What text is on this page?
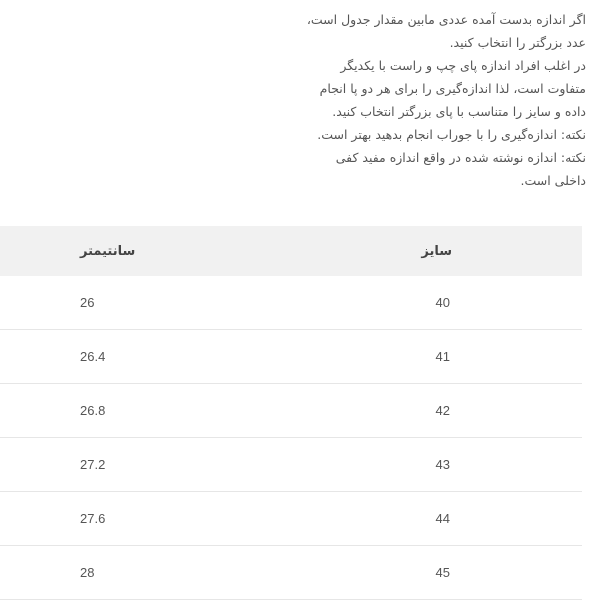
اگر اندازه بدست آمده عددی مابین مقدار جدول است،
عدد بزرگتر را انتخاب کنید.
در اغلب افراد اندازه پای چپ و راست با یکدیگر
متفاوت است، لذا اندازه‌گیری را برای هر دو پا انجام
داده و سایز را متناسب با پای بزرگتر انتخاب کنید.
نکته: اندازه‌گیری را با جوراب انجام بدهید بهتر است.
نکته: اندازه نوشته شده در واقع اندازه مفید کفی
داخلی است.
سایز	سانتیمتر
40	26
41	26.4
42	26.8
43	27.2
44	27.6
45	28
